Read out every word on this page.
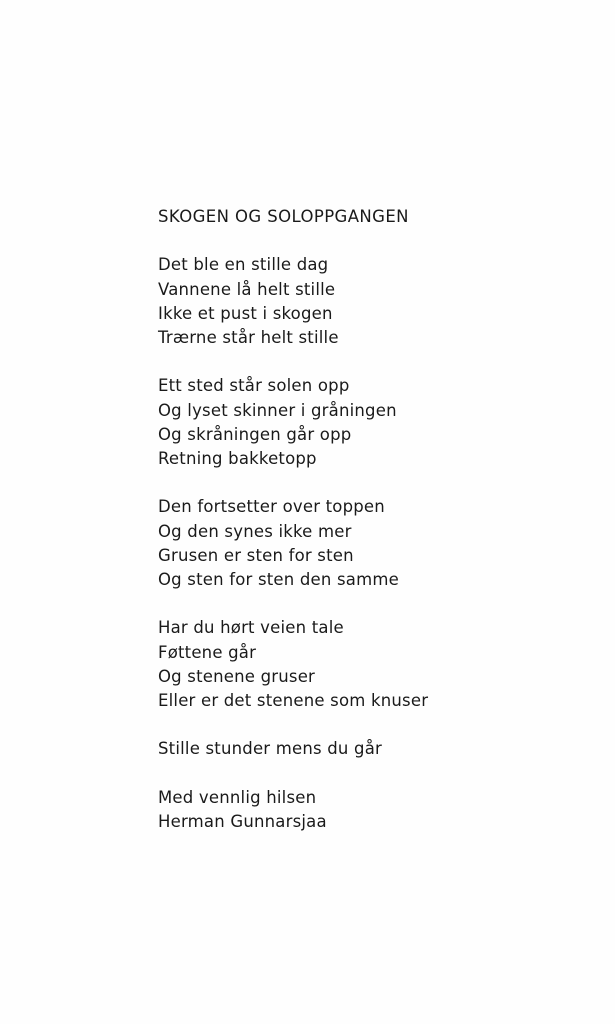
SKOGEN OG SOLOPPGANGEN
Det ble en stille dag
Vannene lå helt stille
Ikke et pust i skogen
Trærne står helt stille
Ett sted står solen opp
Og lyset skinner i gråningen
Og skråningen går opp
Retning bakketopp
Den fortsetter over toppen
Og den synes ikke mer
Grusen er sten for sten
Og sten for sten den samme
Har du hørt veien tale
Føttene går
Og stenene gruser
Eller er det stenene som knuser
Stille stunder mens du går
Med vennlig hilsen
Herman Gunnarsjaa
